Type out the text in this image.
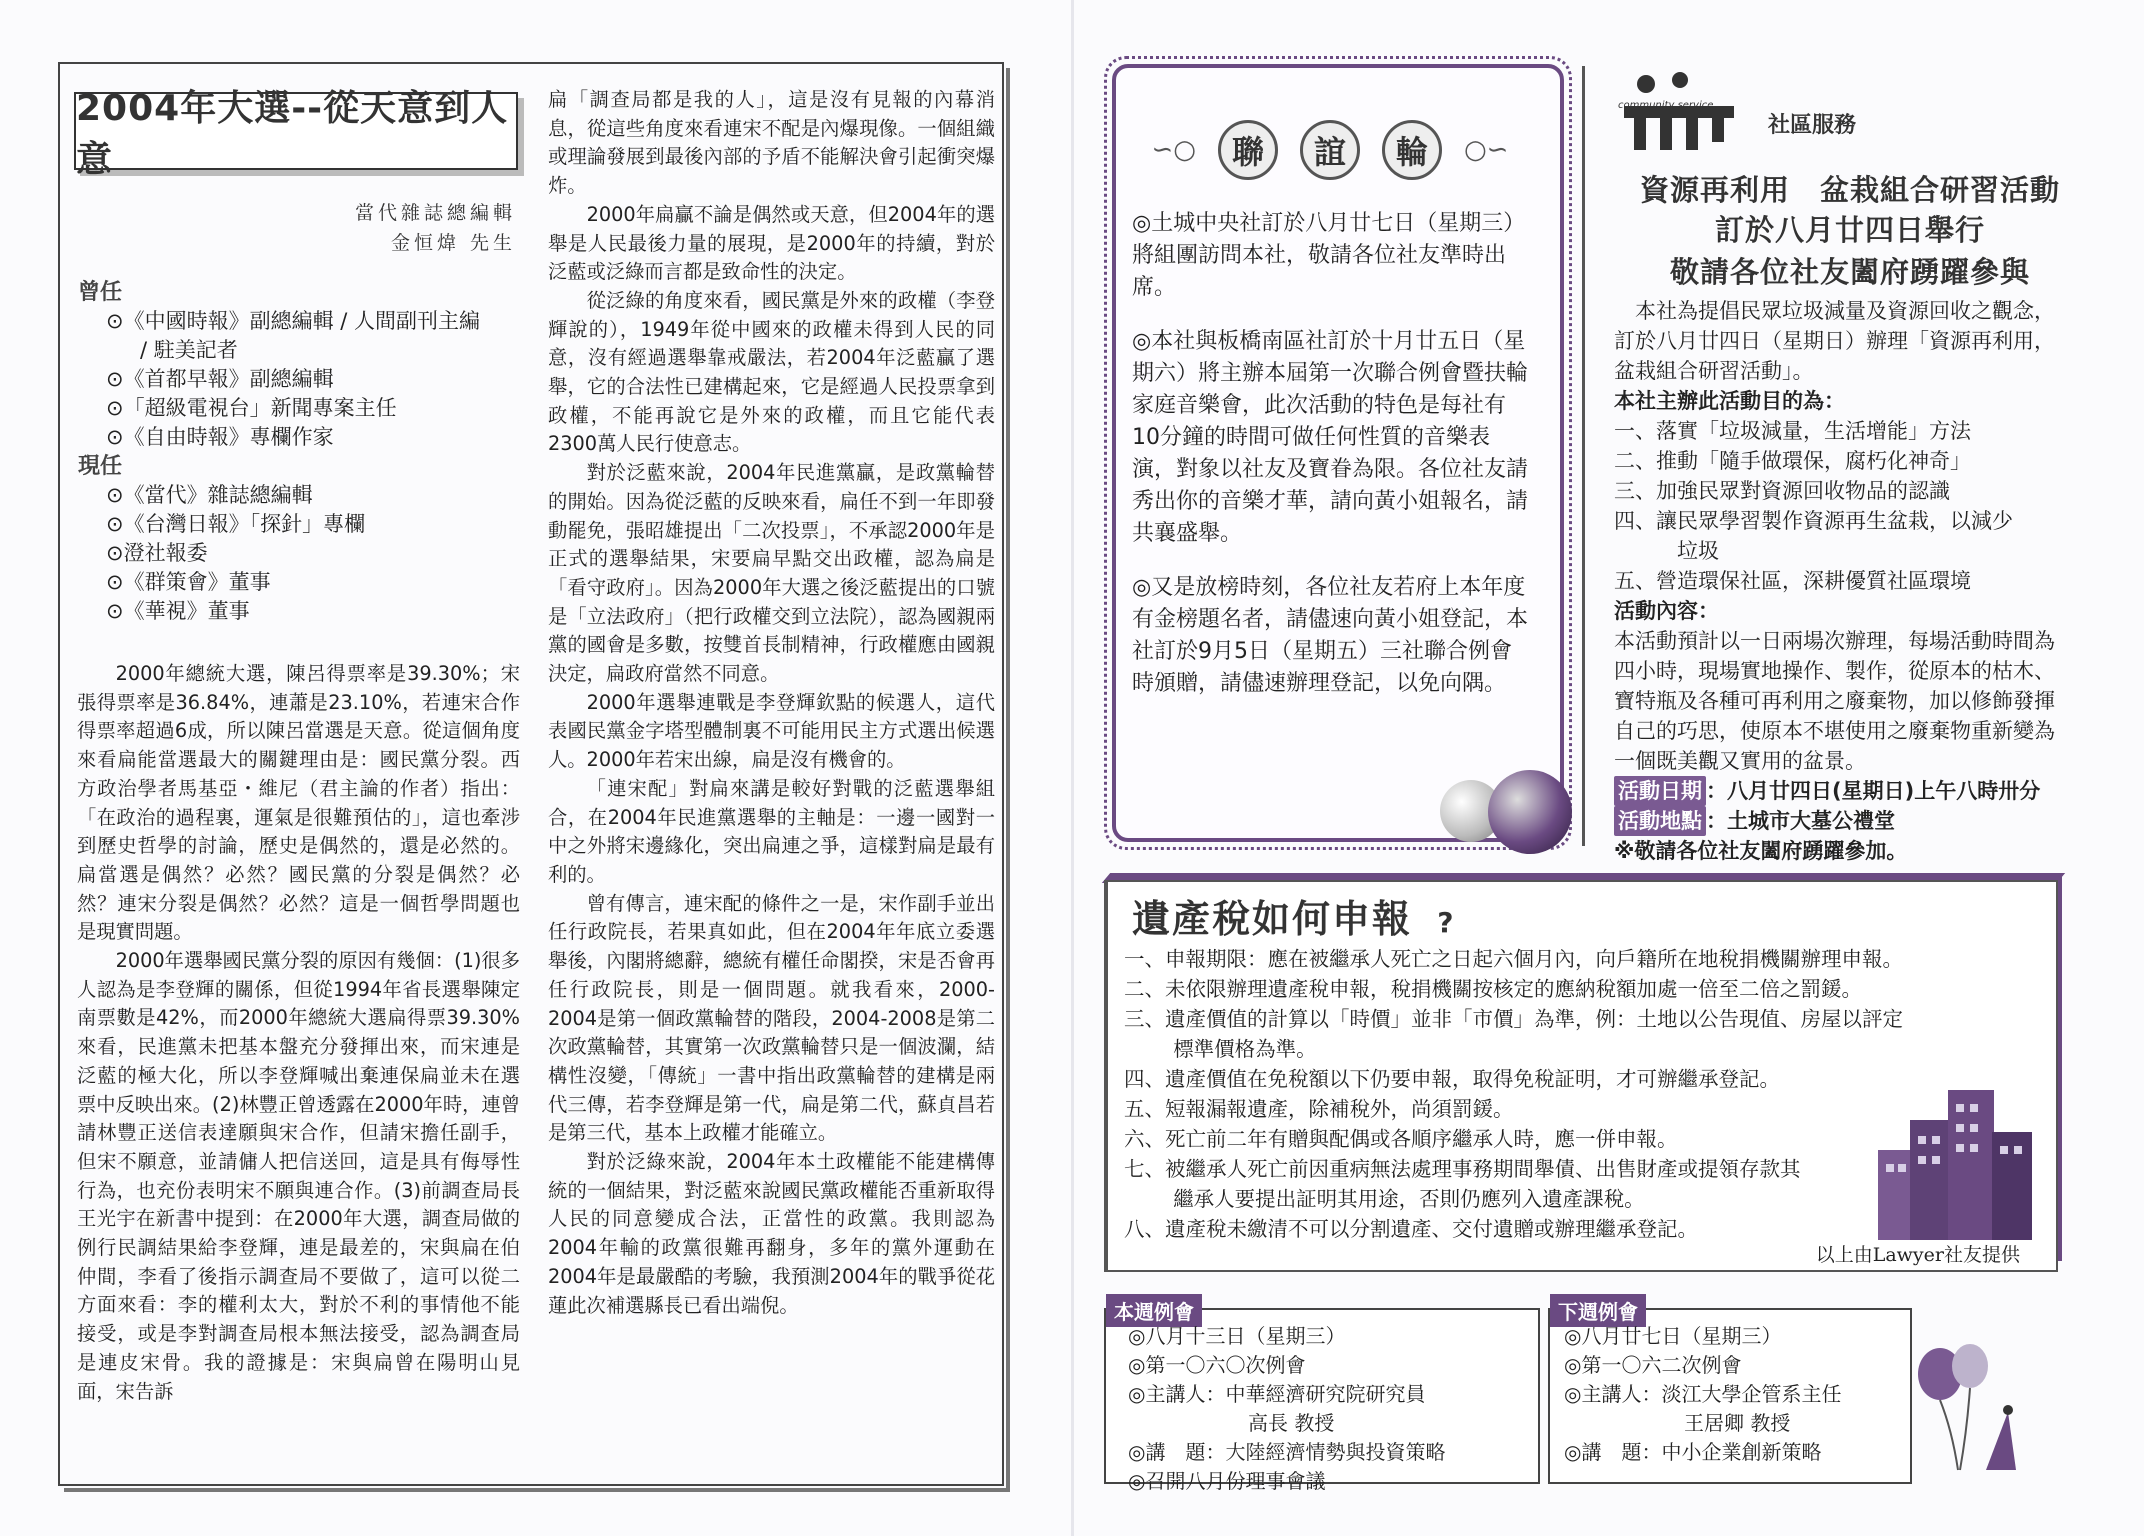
2004年大選--從天意到人意
當代雜誌總編輯
金恒煒 先生
曾任
⊙《中國時報》副總編輯 / 人間副刊主編
/ 駐美記者
⊙《首都早報》副總編輯
⊙「超級電視台」新聞專案主任
⊙《自由時報》專欄作家
現任
⊙《當代》雜誌總編輯
⊙《台灣日報》「探針」專欄
⊙澄社報委
⊙《群策會》董事
⊙《華視》董事

2000年總統大選，陳呂得票率是39.30%；宋張得票率是36.84%，連蕭是23.10%，若連宋合作得票率超過6成，所以陳呂當選是天意。從這個角度來看扁能當選最大的關鍵理由是：國民黨分裂。西方政治學者馬基亞・維尼（君主論的作者）指出：「在政治的過程裏，運氣是很難預估的」，這也牽涉到歷史哲學的討論，歷史是偶然的，還是必然的。扁當選是偶然？必然？國民黨的分裂是偶然？必然？連宋分裂是偶然？必然？這是一個哲學問題也是現實問題。

2000年選舉國民黨分裂的原因有幾個：(1)很多人認為是李登輝的關係，但從1994年省長選舉陳定南票數是42%，而2000年總統大選扁得票39.30%來看，民進黨未把基本盤充分發揮出來，而宋連是泛藍的極大化，所以李登輝喊出棄連保扁並未在選票中反映出來。(2)林豐正曾透露在2000年時，連曾請林豐正送信表達願與宋合作，但請宋擔任副手，但宋不願意，並請傭人把信送回，這是具有侮辱性行為，也充份表明宋不願與連合作。(3)前調查局長王光宇在新書中提到：在2000年大選，調查局做的例行民調結果給李登輝，連是最差的，宋與扁在伯仲間，李看了後指示調查局不要做了，這可以從二方面來看：李的權利太大，對於不利的事情他不能接受，或是李對調查局根本無法接受，認為調查局是連皮宋骨。我的證據是：宋與扁曾在陽明山見面，宋告訴

扁「調查局都是我的人」，這是沒有見報的內幕消息，從這些角度來看連宋不配是內爆現像。一個組織或理論發展到最後內部的予盾不能解決會引起衝突爆炸。

2000年扁贏不論是偶然或天意，但2004年的選舉是人民最後力量的展現，是2000年的持續，對於泛藍或泛綠而言都是致命性的決定。

從泛綠的角度來看，國民黨是外來的政權（李登輝說的），1949年從中國來的政權未得到人民的同意，沒有經過選舉靠戒嚴法，若2004年泛藍贏了選舉，它的合法性已建構起來，它是經過人民投票拿到政權，不能再說它是外來的政權，而且它能代表2300萬人民行使意志。

對於泛藍來說，2004年民進黨贏，是政黨輪替的開始。因為從泛藍的反映來看，扁任不到一年即發動罷免，張昭雄提出「二次投票」，不承認2000年是正式的選舉結果，宋要扁早點交出政權，認為扁是「看守政府」。因為2000年大選之後泛藍提出的口號是「立法政府」（把行政權交到立法院），認為國親兩黨的國會是多數，按雙首長制精神，行政權應由國親決定，扁政府當然不同意。

2000年選舉連戰是李登輝欽點的候選人，這代表國民黨金字塔型體制裏不可能用民主方式選出候選人。2000年若宋出線，扁是沒有機會的。

「連宋配」對扁來講是較好對戰的泛藍選舉組合，在2004年民進黨選舉的主軸是：一邊一國對一中之外將宋邊緣化，突出扁連之爭，這樣對扁是最有利的。

曾有傳言，連宋配的條件之一是，宋作副手並出任行政院長，若果真如此，但在2004年年底立委選舉後，內閣將總辭，總統有權任命閣揆，宋是否會再任行政院長，則是一個問題。就我看來，2000-2004是第一個政黨輪替的階段，2004-2008是第二次政黨輪替，其實第一次政黨輪替只是一個波瀾，結構性沒變，「傳統」一書中指出政黨輪替的建構是兩代三傳，若李登輝是第一代，扁是第二代，蘇貞昌若是第三代，基本上政權才能確立。

對於泛綠來說，2004年本土政權能不能建構傳統的一個結果，對泛藍來說國民黨政權能否重新取得人民的同意變成合法，正當性的政黨。我則認為2004年輸的政黨很難再翻身，多年的黨外運動在2004年是最嚴酷的考驗，我預測2004年的戰爭從花蓮此次補選縣長已看出端倪。

∽○	聯	誼	輪	○∽

◎土城中央社訂於八月廿七日（星期三）將組團訪問本社，敬請各位社友準時出席。

◎本社與板橋南區社訂於十月廿五日（星期六）將主辦本屆第一次聯合例會暨扶輪家庭音樂會，此次活動的特色是每社有10分鐘的時間可做任何性質的音樂表演，對象以社友及寶眷為限。各位社友請秀出你的音樂才華，請向黃小姐報名，請共襄盛舉。

◎又是放榜時刻，各位社友若府上本年度有金榜題名者，請儘速向黃小姐登記，本社訂於9月5日（星期五）三社聯合例會時頒贈，請儘速辦理登記，以免向隅。

community service
社區服務
資源再利用　盆栽組合研習活動
訂於八月廿四日舉行
敬請各位社友闔府踴躍參與

本社為提倡民眾垃圾減量及資源回收之觀念，訂於八月廿四日（星期日）辦理「資源再利用，盆栽組合研習活動」。

本社主辦此活動目的為：

一、落實「垃圾減量，生活增能」方法

二、推動「隨手做環保，腐朽化神奇」

三、加強民眾對資源回收物品的認識

四、讓民眾學習製作資源再生盆栽，以減少

垃圾

五、營造環保社區，深耕優質社區環境

活動內容：

本活動預計以一日兩場次辦理，每場活動時間為四小時，現場實地操作、製作，從原本的枯木、寶特瓶及各種可再利用之廢棄物，加以修飾發揮自己的巧思，使原本不堪使用之廢棄物重新變為一個既美觀又實用的盆景。

活動日期 ：八月廿四日(星期日)上午八時卅分

活動地點 ：土城市大墓公禮堂

※敬請各位社友闔府踴躍參加。

遺產稅如何申報 ?

一、申報期限：應在被繼承人死亡之日起六個月內，向戶籍所在地稅捐機關辦理申報。

二、未依限辦理遺產稅申報，稅捐機關按核定的應納稅額加處一倍至二倍之罰鍰。

三、遺產價值的計算以「時價」並非「市價」為準，例：土地以公告現值、房屋以評定

標準價格為準。

四、遺產價值在免稅額以下仍要申報，取得免稅証明，才可辦繼承登記。

五、短報漏報遺產，除補稅外，尚須罰鍰。

六、死亡前二年有贈與配偶或各順序繼承人時，應一併申報。

七、被繼承人死亡前因重病無法處理事務期間舉債、出售財產或提領存款其

繼承人要提出証明其用途，否則仍應列入遺產課稅。

八、遺產稅未繳清不可以分割遺產、交付遺贈或辦理繼承登記。

以上由Lawyer社友提供
本週例會

◎八月十三日（星期三）

◎第一〇六〇次例會

◎主講人：中華經濟研究院研究員

高長 教授

◎講　題：大陸經濟情勢與投資策略

◎召開八月份理事會議

下週例會

◎八月廿七日（星期三）

◎第一〇六二次例會

◎主講人：淡江大學企管系主任

王居卿 教授

◎講　題：中小企業創新策略
